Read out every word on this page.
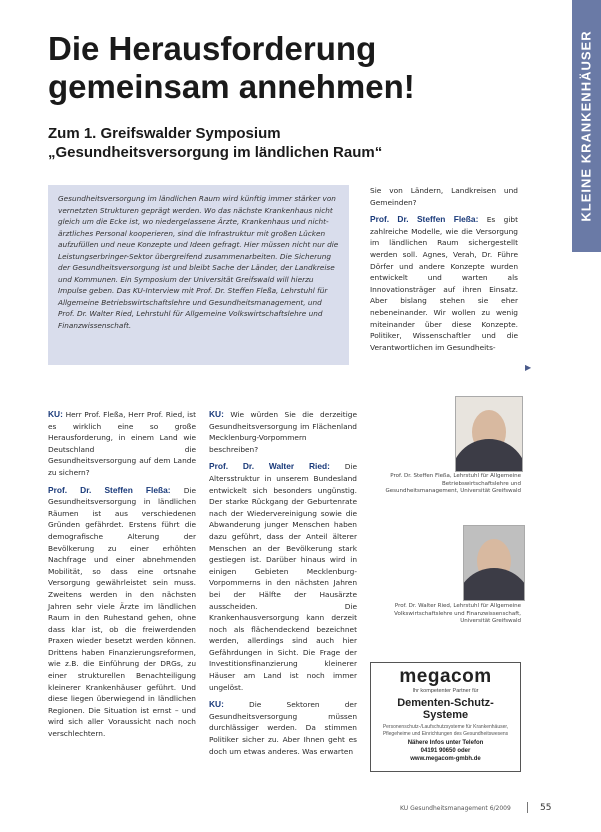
KLEINE KRANKENHÄUSER
Die Herausforderung gemeinsam annehmen!
Zum 1. Greifswalder Symposium
„Gesundheitsversorgung im ländlichen Raum“
Gesundheitsversorgung im ländlichen Raum wird künftig immer stärker von vernetzten Strukturen geprägt werden. Wo das nächste Krankenhaus nicht gleich um die Ecke ist, wo niedergelassene Ärzte, Krankenhaus und nicht-ärztliches Personal kooperieren, sind die Infrastruktur mit großen Lücken aufzufüllen und neue Konzepte und Ideen gefragt. Hier müssen nicht nur die Leistungserbringer-Sektor übergreifend zusammenarbeiten. Die Sicherung der Gesundheitsversorgung ist und bleibt Sache der Länder, der Landkreise und Kommunen. Ein Symposium der Universität Greifswald will hierzu Impulse geben. Das KU-Interview mit Prof. Dr. Steffen Fleßa, Lehrstuhl für Allgemeine Betriebswirtschaftslehre und Gesundheitsmanagement, und Prof. Dr. Walter Ried, Lehrstuhl für Allgemeine Volkswirtschaftslehre und Finanzwissenschaft.

KU: Herr Prof. Fleßa, Herr Prof. Ried, ist es wirklich eine so große Herausforderung, in einem Land wie Deutschland die Gesundheitsversorgung auf dem Lande zu sichern?

Prof. Dr. Steffen Fleßa: Die Gesundheitsversorgung in ländlichen Räumen ist aus verschiedenen Gründen gefährdet. Erstens führt die demografische Alterung der Bevölkerung zu einer erhöhten Nachfrage und einer abnehmenden Mobilität, so dass eine ortsnahe Versorgung gewährleistet sein muss. Zweitens werden in den nächsten Jahren sehr viele Ärzte im ländlichen Raum in den Ruhestand gehen, ohne dass klar ist, ob die freiwerdenden Praxen wieder besetzt werden können. Drittens haben Finanzierungsreformen, wie z.B. die Einführung der DRGs, zu einer strukturellen Benachteiligung kleinerer Krankenhäuser geführt. Und diese liegen überwiegend in ländlichen Regionen. Die Situation ist ernst – und wird sich aller Voraussicht nach noch verschlechtern.

KU: Wie würden Sie die derzeitige Gesundheitsversorgung im Flächenland Mecklenburg-Vorpommern beschreiben?

Prof. Dr. Walter Ried: Die Altersstruktur in unserem Bundesland entwickelt sich besonders ungünstig. Der starke Rückgang der Geburtenrate nach der Wiedervereinigung sowie die Abwanderung junger Menschen haben dazu geführt, dass der Anteil älterer Menschen an der Bevölkerung stark gestiegen ist. Darüber hinaus wird in einigen Gebieten Mecklenburg-Vorpommerns in den nächsten Jahren bei der Hälfte der Hausärzte ausscheiden. Die Krankenhausversorgung kann derzeit noch als flächendeckend bezeichnet werden, allerdings sind auch hier Gefährdungen in Sicht. Die Frage der Investitionsfinanzierung kleinerer Häuser am Land ist noch immer ungelöst.

KU: Die Sektoren der Gesundheitsversorgung müssen durchlässiger werden. Da stimmen Politiker sicher zu. Aber Ihnen geht es doch um etwas anderes. Was erwarten

Sie von Ländern, Landkreisen und Gemeinden?

Prof. Dr. Steffen Fleßa: Es gibt zahlreiche Modelle, wie die Versorgung im ländlichen Raum sichergestellt werden soll. Agnes, Verah, Dr. Führe Dörfer und andere Konzepte wurden entwickelt und warten als Innovationsträger auf ihren Einsatz. Aber bislang stehen sie eher nebeneinander. Wir wollen zu wenig miteinander über diese Konzepte. Politiker, Wissenschaftler und die Verantwortlichen im Gesundheits-

▶
Prof. Dr. Steffen Fleßa, Lehrstuhl für Allgemeine Betriebswirtschaftslehre und Gesundheitsmanagement, Universität Greifswald
Prof. Dr. Walter Ried, Lehrstuhl für Allgemeine Volkswirtschaftslehre und Finanzwissenschaft, Universität Greifswald
megacom
Ihr kompetenter Partner für
Dementen-Schutz-
Systeme
Personenschutz-/Laufschutzsysteme für Krankenhäuser, Pflegeheime und Einrichtungen des Gesundheitswesens
Nähere Infos unter Telefon
04191 90650 oder
www.megacom-gmbh.de
KU Gesundheitsmanagement 6/2009	55
